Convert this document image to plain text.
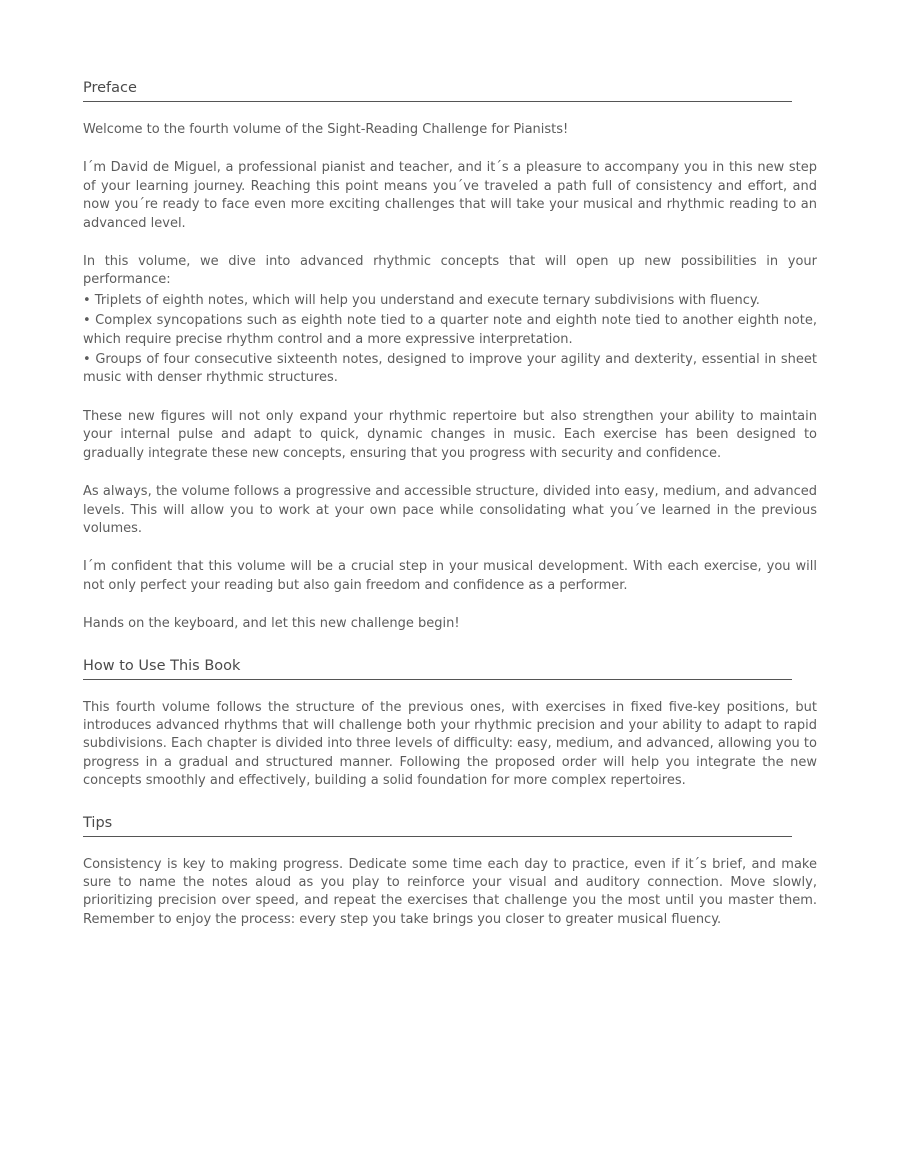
Preface

Welcome to the fourth volume of the Sight-Reading Challenge for Pianists!

I´m David de Miguel, a professional pianist and teacher, and it´s a pleasure to accompany you in this new step of your learning journey. Reaching this point means you´ve traveled a path full of consistency and effort, and now you´re ready to face even more exciting challenges that will take your musical and rhythmic reading to an advanced level.

In this volume, we dive into advanced rhythmic concepts that will open up new possibilities in your performance:

• Triplets of eighth notes, which will help you understand and execute ternary subdivisions with fluency.

• Complex syncopations such as eighth note tied to a quarter note and eighth note tied to another eighth note, which require precise rhythm control and a more expressive interpretation.

• Groups of four consecutive sixteenth notes, designed to improve your agility and dexterity, essential in sheet music with denser rhythmic structures.

These new figures will not only expand your rhythmic repertoire but also strengthen your ability to maintain your internal pulse and adapt to quick, dynamic changes in music. Each exercise has been designed to gradually integrate these new concepts, ensuring that you progress with security and confidence.

As always, the volume follows a progressive and accessible structure, divided into easy, medium, and advanced levels. This will allow you to work at your own pace while consolidating what you´ve learned in the previous volumes.

I´m confident that this volume will be a crucial step in your musical development. With each exercise, you will not only perfect your reading but also gain freedom and confidence as a performer.

Hands on the keyboard, and let this new challenge begin!

How to Use This Book

This fourth volume follows the structure of the previous ones, with exercises in fixed five-key positions, but introduces advanced rhythms that will challenge both your rhythmic precision and your ability to adapt to rapid subdivisions. Each chapter is divided into three levels of difficulty: easy, medium, and advanced, allowing you to progress in a gradual and structured manner. Following the proposed order will help you integrate the new concepts smoothly and effectively, building a solid foundation for more complex repertoires.

Tips

Consistency is key to making progress. Dedicate some time each day to practice, even if it´s brief, and make sure to name the notes aloud as you play to reinforce your visual and auditory connection. Move slowly, prioritizing precision over speed, and repeat the exercises that challenge you the most until you master them. Remember to enjoy the process: every step you take brings you closer to greater musical fluency.
